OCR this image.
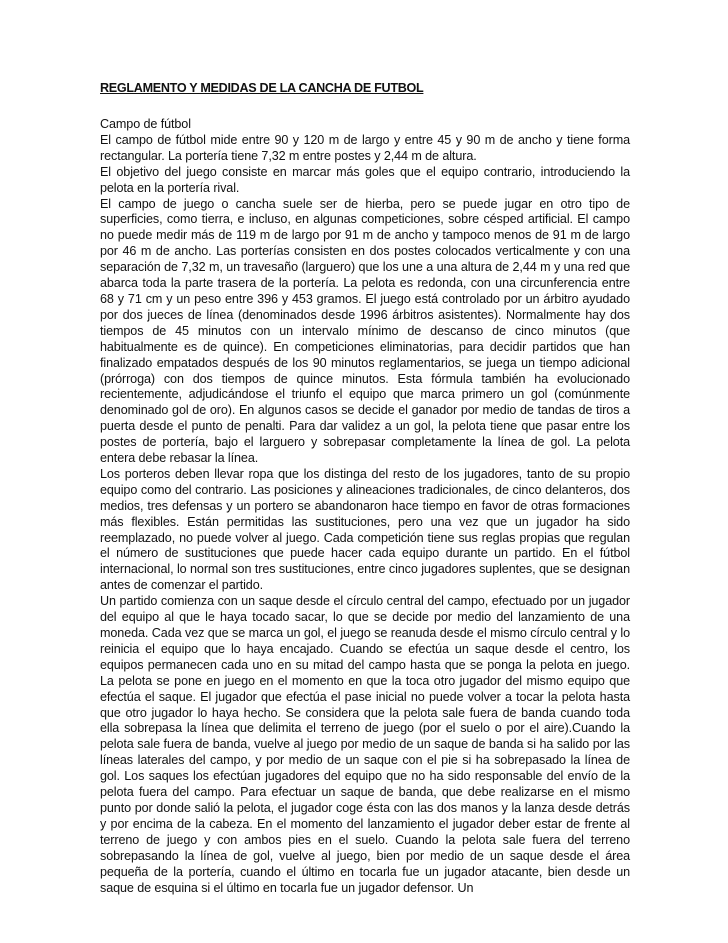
REGLAMENTO Y MEDIDAS DE LA CANCHA DE FUTBOL

Campo de fútbol

El campo de fútbol mide entre 90 y 120 m de largo y entre 45 y 90 m de ancho y tiene forma rectangular. La portería tiene 7,32 m entre postes y 2,44 m de altura.

El objetivo del juego consiste en marcar más goles que el equipo contrario, introduciendo la pelota en la portería rival.

El campo de juego o cancha suele ser de hierba, pero se puede jugar en otro tipo de superficies, como tierra, e incluso, en algunas competiciones, sobre césped artificial. El campo no puede medir más de 119 m de largo por 91 m de ancho y tampoco menos de 91 m de largo por 46 m de ancho. Las porterías consisten en dos postes colocados verticalmente y con una separación de 7,32 m, un travesaño (larguero) que los une a una altura de 2,44 m y una red que abarca toda la parte trasera de la portería. La pelota es redonda, con una circunferencia entre 68 y 71 cm y un peso entre 396 y 453 gramos. El juego está controlado por un árbitro ayudado por dos jueces de línea (denominados desde 1996 árbitros asistentes). Normalmente hay dos tiempos de 45 minutos con un intervalo mínimo de descanso de cinco minutos (que habitualmente es de quince). En competiciones eliminatorias, para decidir partidos que han finalizado empatados después de los 90 minutos reglamentarios, se juega un tiempo adicional (prórroga) con dos tiempos de quince minutos. Esta fórmula también ha evolucionado recientemente, adjudicándose el triunfo el equipo que marca primero un gol (comúnmente denominado gol de oro). En algunos casos se decide el ganador por medio de tandas de tiros a puerta desde el punto de penalti. Para dar validez a un gol, la pelota tiene que pasar entre los postes de portería, bajo el larguero y sobrepasar completamente la línea de gol. La pelota entera debe rebasar la línea.

Los porteros deben llevar ropa que los distinga del resto de los jugadores, tanto de su propio equipo como del contrario. Las posiciones y alineaciones tradicionales, de cinco delanteros, dos medios, tres defensas y un portero se abandonaron hace tiempo en favor de otras formaciones más flexibles. Están permitidas las sustituciones, pero una vez que un jugador ha sido reemplazado, no puede volver al juego. Cada competición tiene sus reglas propias que regulan el número de sustituciones que puede hacer cada equipo durante un partido. En el fútbol internacional, lo normal son tres sustituciones, entre cinco jugadores suplentes, que se designan antes de comenzar el partido.

Un partido comienza con un saque desde el círculo central del campo, efectuado por un jugador del equipo al que le haya tocado sacar, lo que se decide por medio del lanzamiento de una moneda. Cada vez que se marca un gol, el juego se reanuda desde el mismo círculo central y lo reinicia el equipo que lo haya encajado. Cuando se efectúa un saque desde el centro, los equipos permanecen cada uno en su mitad del campo hasta que se ponga la pelota en juego. La pelota se pone en juego en el momento en que la toca otro jugador del mismo equipo que efectúa el saque. El jugador que efectúa el pase inicial no puede volver a tocar la pelota hasta que otro jugador lo haya hecho. Se considera que la pelota sale fuera de banda cuando toda ella sobrepasa la línea que delimita el terreno de juego (por el suelo o por el aire).Cuando la pelota sale fuera de banda, vuelve al juego por medio de un saque de banda si ha salido por las líneas laterales del campo, y por medio de un saque con el pie si ha sobrepasado la línea de gol. Los saques los efectúan jugadores del equipo que no ha sido responsable del envío de la pelota fuera del campo. Para efectuar un saque de banda, que debe realizarse en el mismo punto por donde salió la pelota, el jugador coge ésta con las dos manos y la lanza desde detrás y por encima de la cabeza. En el momento del lanzamiento el jugador deber estar de frente al terreno de juego y con ambos pies en el suelo. Cuando la pelota sale fuera del terreno sobrepasando la línea de gol, vuelve al juego, bien por medio de un saque desde el área pequeña de la portería, cuando el último en tocarla fue un jugador atacante, bien desde un saque de esquina si el último en tocarla fue un jugador defensor. Un
